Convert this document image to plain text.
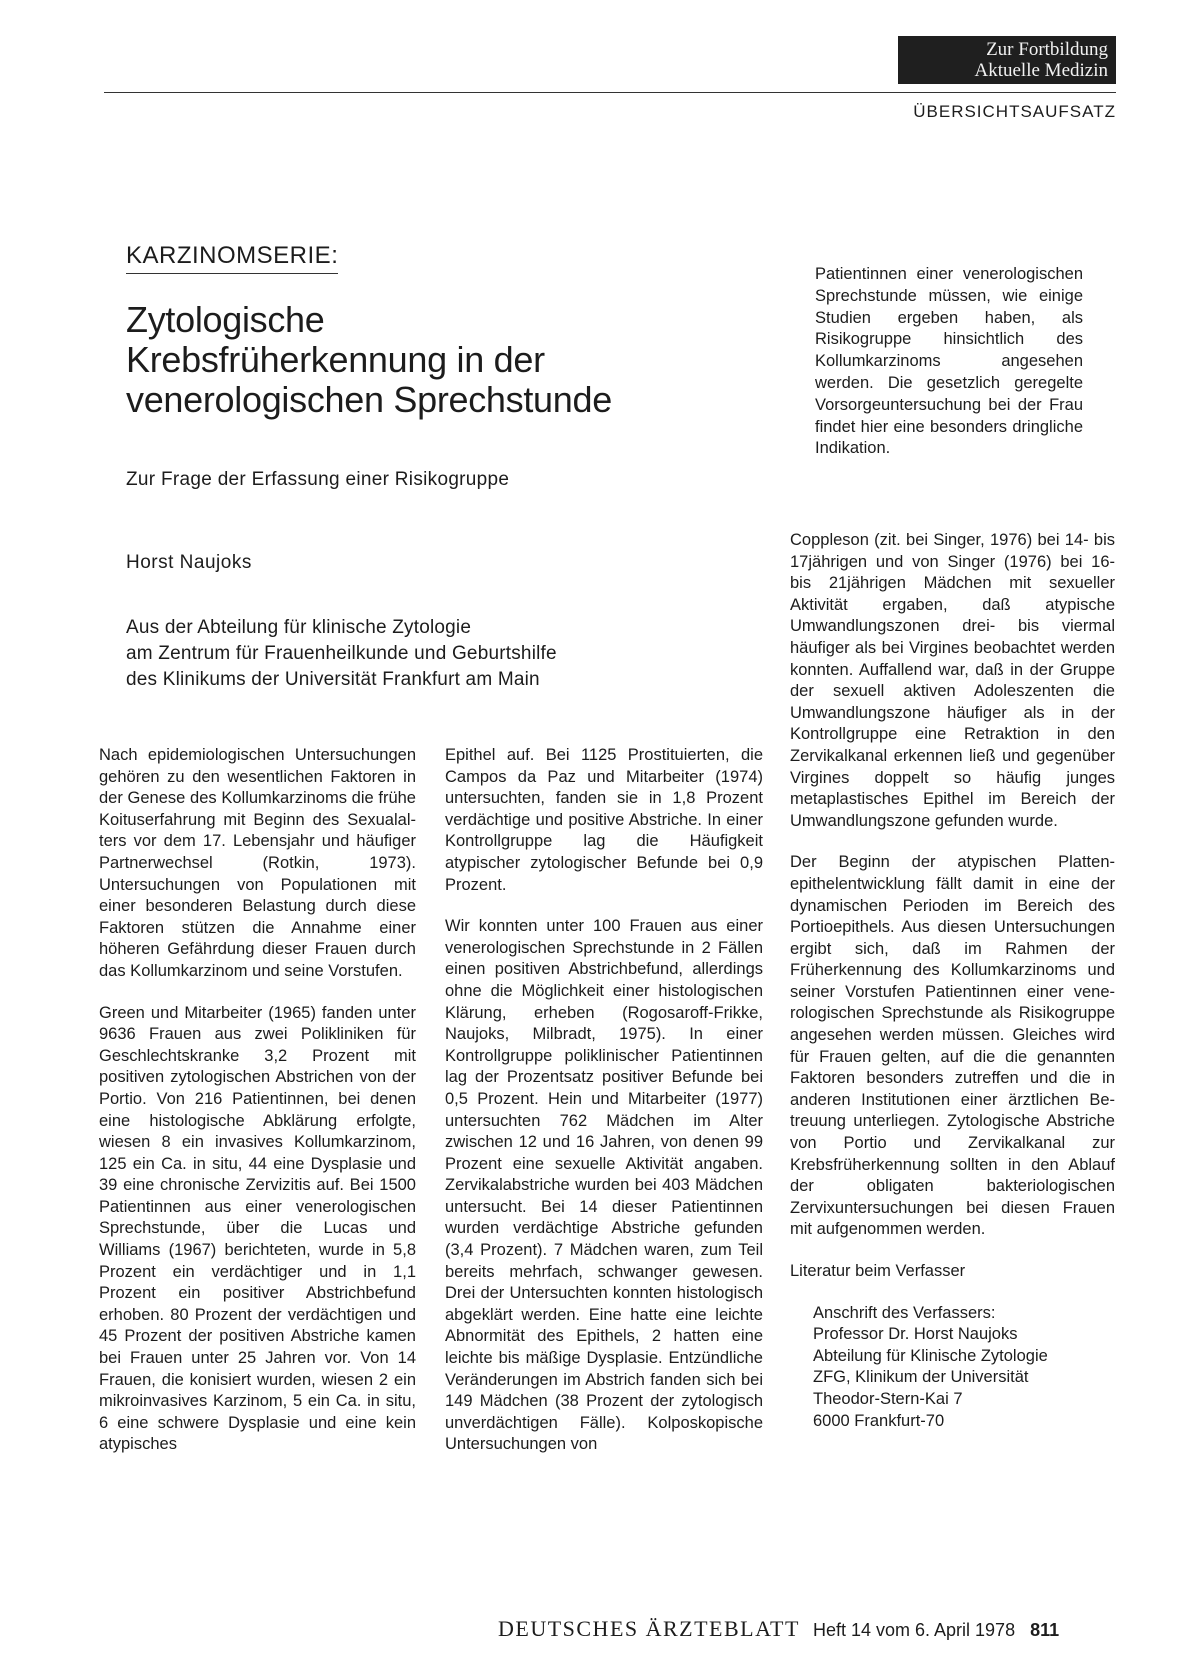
Zur Fortbildung
Aktuelle Medizin
ÜBERSICHTSAUFSATZ
KARZINOMSERIE:
Zytologische
Krebsfrüherkennung in der
venerologischen Sprechstunde
Zur Frage der Erfassung einer Risikogruppe
Horst Naujoks
Aus der Abteilung für klinische Zytologie
am Zentrum für Frauenheilkunde und Geburtshilfe
des Klinikums der Universität Frankfurt am Main
Patientinnen einer venerologischen Sprechstunde müssen, wie einige Studien ergeben haben, als Risikogruppe hinsichtlich des Kollumkarzinoms angesehen werden. Die gesetzlich geregelte Vorsorgeuntersuchung bei der Frau findet hier eine besonders dringliche Indikation.

Nach epidemiologischen Untersuchungen gehören zu den wesentlichen Faktoren in der Genese des Kollumkarzinoms die frühe Koituserfahrung mit Beginn des Sexualalters vor dem 17. Lebensjahr und häufiger Partnerwechsel (Rotkin, 1973). Untersuchungen von Populationen mit einer besonderen Belastung durch diese Faktoren stützen die Annahme einer höheren Gefährdung dieser Frauen durch das Kollumkarzinom und seine Vorstufen.

Green und Mitarbeiter (1965) fanden unter 9636 Frauen aus zwei Polikliniken für Geschlechtskranke 3,2 Prozent mit positiven zytologischen Abstrichen von der Portio. Von 216 Patientinnen, bei denen eine histologische Abklärung erfolgte, wiesen 8 ein invasives Kollumkarzinom, 125 ein Ca. in situ, 44 eine Dysplasie und 39 eine chronische Zervizitis auf. Bei 1500 Patientinnen aus einer venerologischen Sprechstunde, über die Lucas und Williams (1967) berichteten, wurde in 5,8 Prozent ein verdächtiger und in 1,1 Prozent ein positiver Abstrichbefund erhoben. 80 Prozent der verdächtigen und 45 Prozent der positiven Abstriche kamen bei Frauen unter 25 Jahren vor. Von 14 Frauen, die konisiert wurden, wiesen 2 ein mikroinvasives Karzinom, 5 ein Ca. in situ, 6 eine schwere Dysplasie und eine kein atypisches

Epithel auf. Bei 1125 Prostituierten, die Campos da Paz und Mitarbeiter (1974) untersuchten, fanden sie in 1,8 Prozent verdächtige und positive Abstriche. In einer Kontrollgruppe lag die Häufigkeit atypischer zytologischer Befunde bei 0,9 Prozent.

Wir konnten unter 100 Frauen aus einer venerologischen Sprechstunde in 2 Fällen einen positiven Abstrichbefund, allerdings ohne die Möglichkeit einer histologischen Klärung, erheben (Rogosaroff-Frikke, Naujoks, Milbradt, 1975). In einer Kontrollgruppe poliklinischer Patientinnen lag der Prozentsatz positiver Befunde bei 0,5 Prozent. Hein und Mitarbeiter (1977) untersuchten 762 Mädchen im Alter zwischen 12 und 16 Jahren, von denen 99 Prozent eine sexuelle Aktivität angaben. Zervikalabstriche wurden bei 403 Mädchen untersucht. Bei 14 dieser Patientinnen wurden verdächtige Abstriche gefunden (3,4 Prozent). 7 Mädchen waren, zum Teil bereits mehrfach, schwanger gewesen. Drei der Untersuchten konnten histologisch abgeklärt werden. Eine hatte eine leichte Abnormität des Epithels, 2 hatten eine leichte bis mäßige Dysplasie. Entzündliche Veränderungen im Abstrich fanden sich bei 149 Mädchen (38 Prozent der zytologisch unverdächtigen Fälle). Kolposkopische Untersuchungen von

Coppleson (zit. bei Singer, 1976) bei 14- bis 17jährigen und von Singer (1976) bei 16- bis 21jährigen Mädchen mit sexueller Aktivität ergaben, daß atypische Umwandlungszonen drei- bis viermal häufiger als bei Virgines beobachtet werden konnten. Auffallend war, daß in der Gruppe der sexuell aktiven Adoleszenten die Umwandlungszone häufiger als in der Kontrollgruppe eine Retraktion in den Zervikalkanal erkennen ließ und gegenüber Virgines doppelt so häufig junges metaplastisches Epithel im Bereich der Umwandlungszone gefunden wurde.

Der Beginn der atypischen Plattenepithelentwicklung fällt damit in eine der dynamischen Perioden im Bereich des Portioepithels. Aus diesen Untersuchungen ergibt sich, daß im Rahmen der Früherkennung des Kollumkarzinoms und seiner Vorstufen Patientinnen einer venerologischen Sprechstunde als Risikogruppe angesehen werden müssen. Gleiches wird für Frauen gelten, auf die die genannten Faktoren besonders zutreffen und die in anderen Institutionen einer ärztlichen Betreuung unterliegen. Zytologische Abstriche von Portio und Zervikalkanal zur Krebsfrüherkennung sollten in den Ablauf der obligaten bakteriologischen Zervixuntersuchungen bei diesen Frauen mit aufgenommen werden.

Literatur beim Verfasser

Anschrift des Verfassers:
Professor Dr. Horst Naujoks
Abteilung für Klinische Zytologie
ZFG, Klinikum der Universität
Theodor-Stern-Kai 7
6000 Frankfurt-70

DEUTSCHES ÄRZTEBLATT Heft 14 vom 6. April 1978 811
